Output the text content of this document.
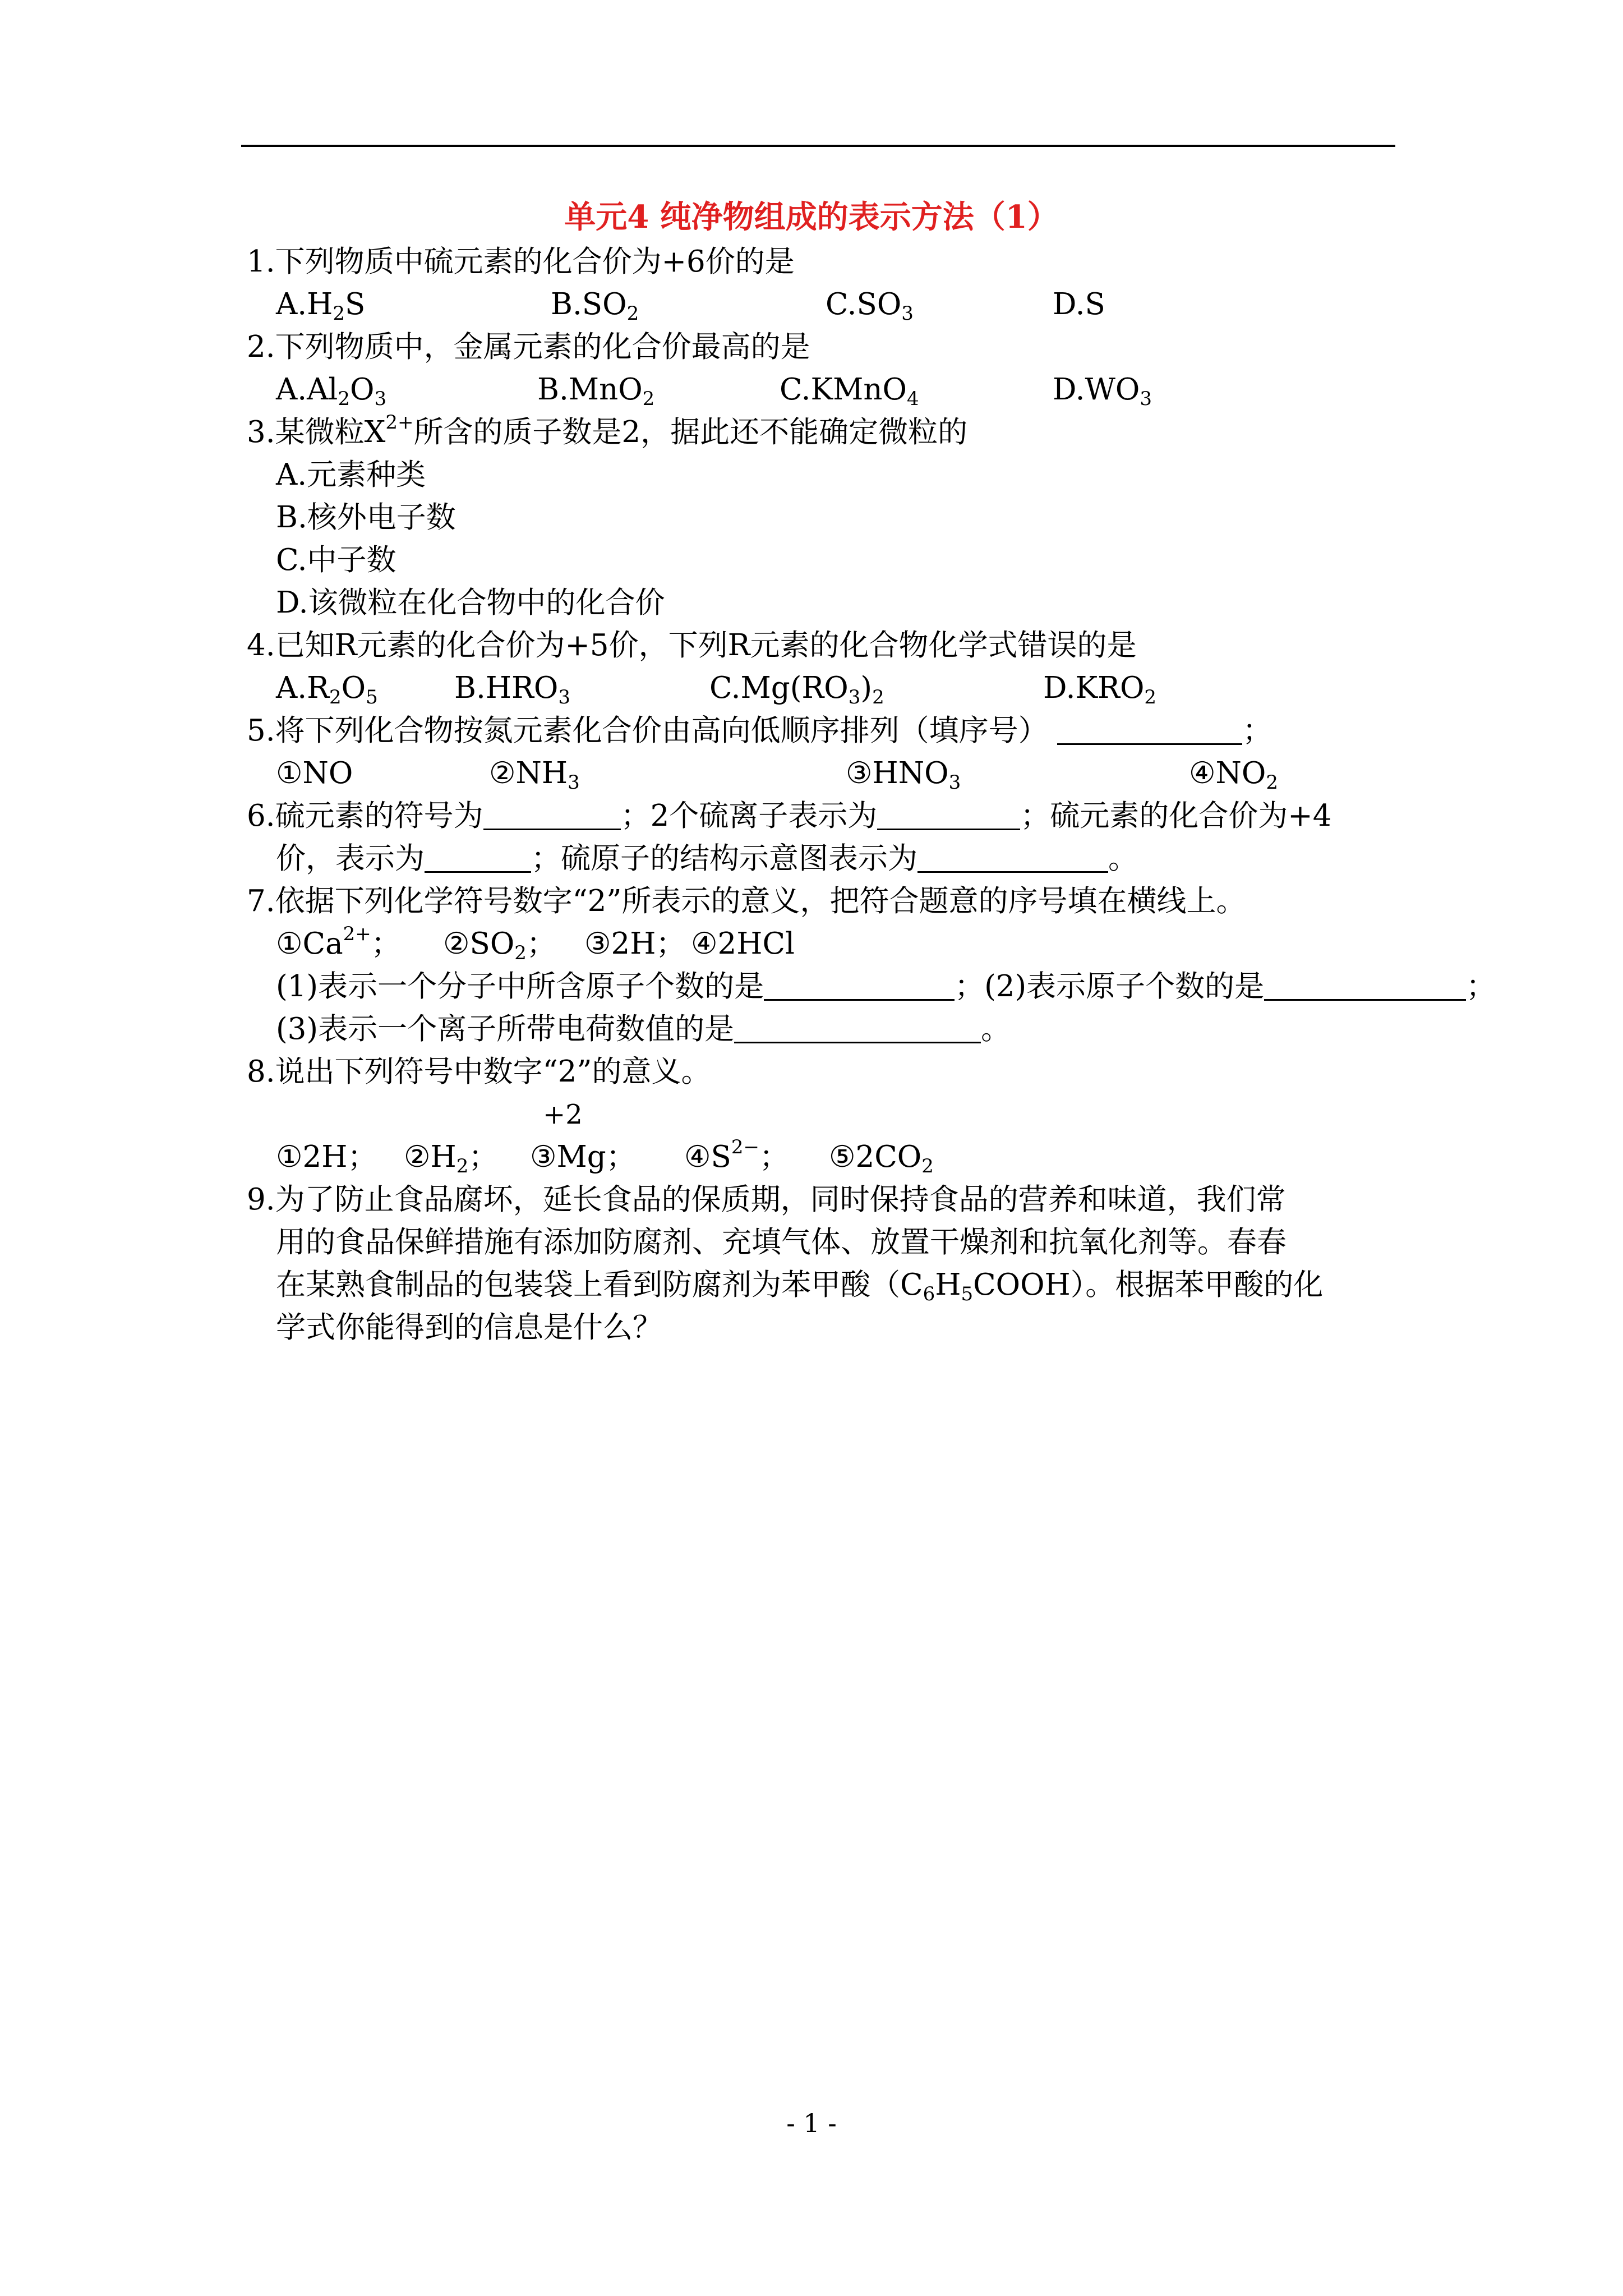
单元4 纯净物组成的表示方法（1）
1.下列物质中硫元素的化合价为+6价的是
$A.H_2S$	$B.SO_2$	$C.SO_3$	D.S
2.下列物质中，金属元素的化合价最高的是
$A.Al_2O_3$	B.MnO$_2$	C.KMnO$_4$	$D.WO_3$
3.某微粒$X^{2+}$所含的质子数是2，据此还不能确定微粒的
A.元素种类
B.核外电子数
C.中子数
D.该微粒在化合物中的化合价
4.已知R元素的化合价为+5价，下列R元素的化合物化学式错误的是
$A.R_2O_5$	$B.HRO_3$	$C.Mg(RO_3)_2$	$D.KRO_2$
5.将下列化合物按氮元素化合价由高向低顺序排列（填序号）	；
①NO	$②NH_3$	$③HNO_3$	$④NO_2$
6.硫元素的符号为	；2个硫离子表示为	；硫元素的化合价为+4
价，表示为	；硫原子的结构示意图表示为	。
7.依据下列化学符号数字“2”所表示的意义，把符合题意的序号填在横线上。
$①Ca^{2+}$； $②SO_2$； ③2H； ④2HCl
(1)表示一个分子中所含原子个数的是	；(2)表示原子个数的是	；
(3)表示一个离子所带电荷数值的是	。
8.说出下列符号中数字“2”的意义。
+2
①2H； $②H_2$； ③Mg； $④S^{2-}$； $⑤2CO_2$
9.为了防止食品腐坏，延长食品的保质期，同时保持食品的营养和味道，我们常
用的食品保鲜措施有添加防腐剂、充填气体、放置干燥剂和抗氧化剂等。春春
在某熟食制品的包装袋上看到防腐剂为苯甲酸$(C_6H_5COOH)$。根据苯甲酸的化
学式你能得到的信息是什么？
- 1 -
